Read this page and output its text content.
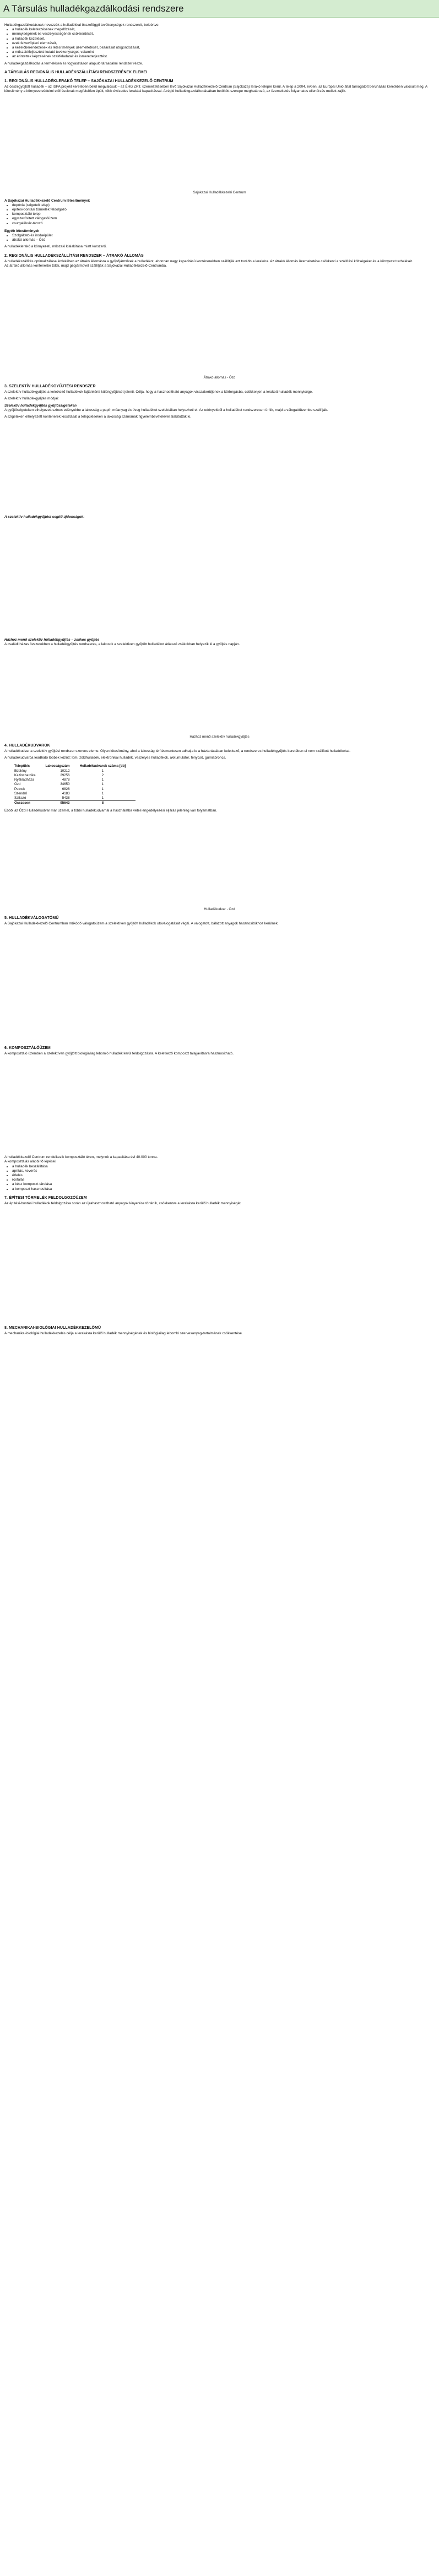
A Társulás hulladékgazdálkodási rendszere

Hulladékgazdálkodásnak nevezzük a hulladékkal összefüggő tevékenységek rendszerét, beleértve:

• a hulladék keletkezésének megelőzését,
• mennyiségének és veszélyességének csökkentését,
• a hulladék kezelését,
• ezek felvevőpiaci elemzését,
• a kezelőberendezések és létesítmények üzemeltetését, bezárását utógondozását,
• a műszaki/fejlesztési kutató tevékenységet, valamint
• az érintettek képzésének szakfeladatait és ismeretterjesztést.

A hulladékgazdálkodás a termelésen és fogyasztáson alapuló társadalmi rendszer része.

A TÁRSULÁS REGIONÁLIS HULLADÉKSZÁLLÍTÁSI RENDSZERÉNEK ELEMEI
1. REGIONÁLIS HULLADÉKLERAKÓ TELEP – SAJÓKAZAI HULLADÉKKEZELŐ CENTRUM

Az összegyűjtött hulladék – az ISPA projekt keretében belül megvalósult – az ÉHG ZRT. üzemeltetésében lévő Sajókazai Hulladékkezelő Centrum (Sajókaza) lerakó telepre kerül. A telep a 2004. évben, az Európai Unió által támogatott beruházás keretében valósult meg. A létesítmény a környezetvédelmi előírásoknak megfelelően épült, több évtizedes lerakási kapacitással. A régió hulladékgazdálkodásában betöltött szerepe meghatározó, az üzemeltetés folyamatos ellenőrzés mellett zajlik.

Sajókazai Hulladékkezelő Centrum

A Sajókazai Hulladékkezelő Centrum létesítményei:

• depónia (szigetelt telep)
• építési-bontási törmelék feldolgozó
• komposztáló telep
• egyszerűsített válogatóüzem
• csurgalékvíz-tározó

Egyéb létesítmények

• Szolgáltató és irodaépület
• átrakó állomás – Ózd

A hulladéklerakó a környezeti, műszaki kialakítása miatt korszerű.

2. REGIONÁLIS HULLADÉKSZÁLLÍTÁSI RENDSZER – ÁTRAKÓ ÁLLOMÁS

A hulladékszállítás optimalizálása érdekében az átrakó állomásra a gyűjtőjárművek a hulladékot, ahonnan nagy kapacitású konténerekben szállítják azt tovább a lerakóra. Az átrakó állomás üzemeltetése csökkenti a szállítási költségeket és a környezet terhelését.

Az átrakó állomás konténerbe töltik, majd gépjárművel szállítják a Sajókazai Hulladékkezelő Centrumba.

Átrakó állomás - Ózd
3. SZELEKTÍV HULLADÉKGYŰJTÉSI RENDSZER

A szelektív hulladékgyűjtés a keletkező hulladékok fajtánkénti különgyűjtését jelenti. Célja, hogy a hasznosítható anyagok visszakerüljenek a körforgásba, csökkenjen a lerakott hulladék mennyisége.

A szelektív hulladékgyűjtés módjai:

Szelektív hulladékgyűjtés gyűjtőszigeteken

A gyűjtőszigeteken elhelyezett színes edényekbe a lakosság a papír, műanyag és üveg hulladékot szelektáltan helyezheti el. Az edényekből a hulladékot rendszeresen ürítik, majd a válogatóüzembe szállítják.

A szigeteken elhelyezett konténerek kiosztását a településeken a lakosság számának figyelembevételével alakították ki.

A szelektív hulladékgyűjtést segítő újdonságok:

Házhoz menő szelektív hulladékgyűjtés – zsákos gyűjtés

A családi házas övezetekben a hulladékgyűjtés rendszeres, a lakosok a szelektíven gyűjtött hulladékot átlátszó zsákokban helyezik ki a gyűjtés napján.

Házhoz menő szelektív hulladékgyűjtés
4. HULLADÉKUDVAROK

A hulladékudvar a szelektív gyűjtési rendszer szerves eleme. Olyan létesítmény, ahol a lakosság térítésmentesen adhatja le a háztartásában keletkező, a rendszeres hulladékgyűjtés keretében el nem szállított hulladékokat.

A hulladékudvarba leadható többek között: lom, zöldhulladék, elektronikai hulladék, veszélyes hulladékok, akkumulátor, fénycső, gumiabroncs.

Település	Lakosságszám	Hulladékudvarok száma [db]
Edelény	10212	1
Kazincbarcika	29256	2
Nyékládháza	4878	1
Ózd	34650	1
Putnok	6826	1
Szendrő	4183	1
Szikszó	5438	1
Összesen	95643	8

Ebből az Ózdi Hulladékudvar már üzemel, a többi hulladékudvarnál a használatba vételi engedélyezési eljárás jelenleg van folyamatban.

Hulladékudvar - Ózd
5. HULLADÉKVÁLOGATÓMŰ

A Sajókazai Hulladékkezelő Centrumban működő válogatóüzem a szelektíven gyűjtött hulladékok utóválogatását végzi. A válogatott, bálázott anyagok hasznosítókhoz kerülnek.

6. KOMPOSZTÁLÓÜZEM

A komposztáló üzemben a szelektíven gyűjtött biológiailag lebomló hulladék kerül feldolgozásra. A keletkező komposzt talajjavításra hasznosítható.

A hulladékkezelő Centrum rendelkezik komposztáló téren, melynek a kapacitása évi 40.000 tonna.

A komposztálás alábbi fő lépései:

• a hulladék beszállítása
• aprítás, keverés
• érlelés
• rostálás
• a kész komposzt tárolása
• a komposzt hasznosítása
7. ÉPÍTÉSI TÖRMELÉK FELDOLGOZÓÜZEM

Az építési-bontási hulladékok feldolgozása során az újrahasznosítható anyagok kinyerése történik, csökkentve a lerakásra kerülő hulladék mennyiségét.

8. MECHANIKAI-BIOLÓGIAI HULLADÉKKEZELŐMŰ

A mechanikai-biológiai hulladékkezelés célja a lerakásra kerülő hulladék mennyiségének és biológiailag lebomló szervesanyag-tartalmának csökkentése.
